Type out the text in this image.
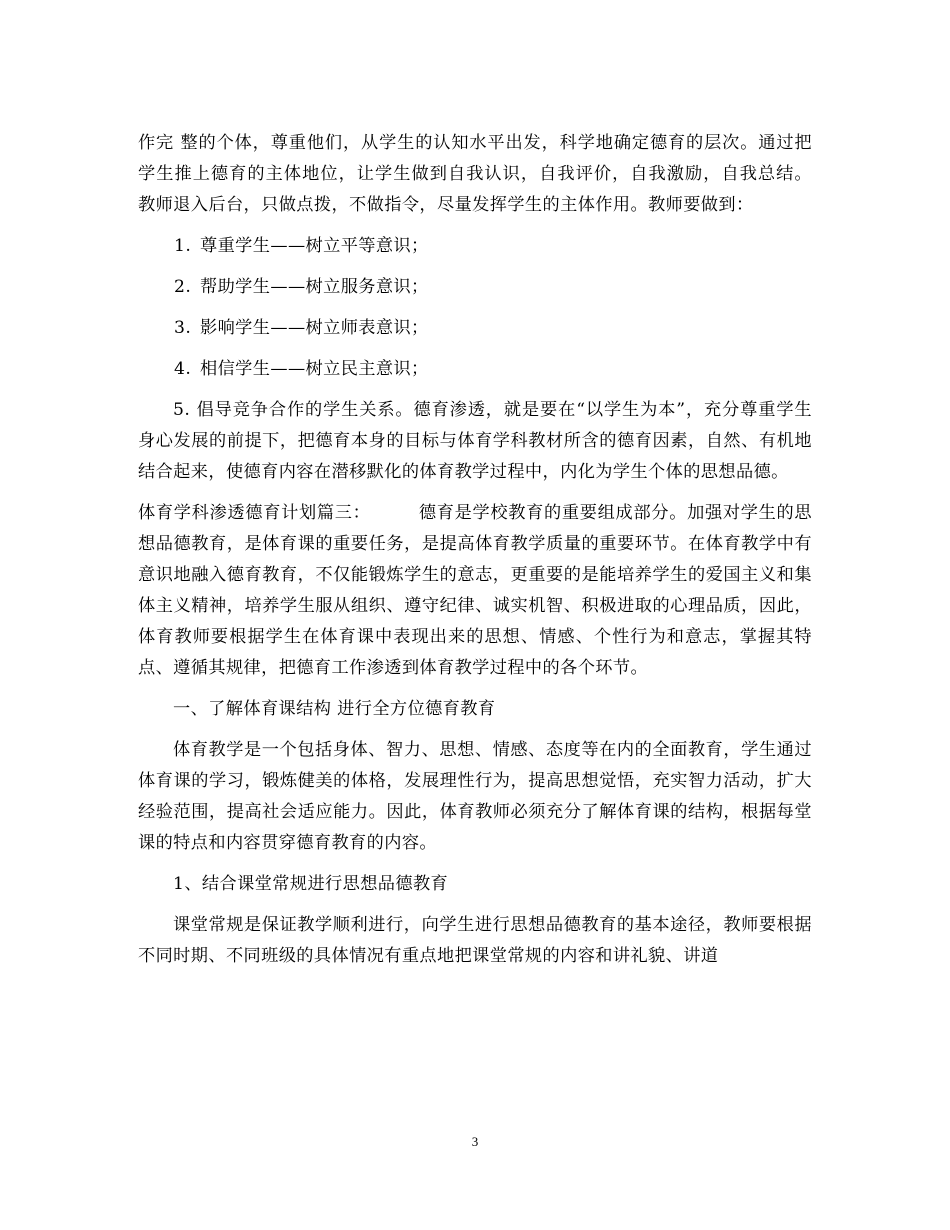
作完 整的个体，尊重他们，从学生的认知水平出发，科学地确定德育的层次。通过把学生推上德育的主体地位，让学生做到自我认识，自我评价，自我激励，自我总结。 教师退入后台，只做点拨，不做指令，尽量发挥学生的主体作用。教师要做到：

1. 尊重学生——树立平等意识；
2. 帮助学生——树立服务意识；
3. 影响学生——树立师表意识；
4. 相信学生——树立民主意识；

5. 倡导竞争合作的学生关系。德育渗透，就是要在“以学生为本”，充分尊重学生身心发展的前提下，把德育本身的目标与体育学科教材所含的德育因素，自然、有机地结合起来，使德育内容在潜移默化的体育教学过程中，内化为学生个体的思想品德。

体育学科渗透德育计划篇三：	德育是学校教育的重要组成部分。加强对学生的思想品德教育，是体育课的重要任务，是提高体育教学质量的重要环节。在体育教学中有意识地融入德育教育，不仅能锻炼学生的意志，更重要的是能培养学生的爱国主义和集体主义精神，培养学生服从组织、遵守纪律、诚实机智、积极进取的心理品质，因此，体育教师要根据学生在体育课中表现出来的思想、情感、个性行为和意志，掌握其特点、遵循其规律，把德育工作渗透到体育教学过程中的各个环节。

一、了解体育课结构 进行全方位德育教育

体育教学是一个包括身体、智力、思想、情感、态度等在内的全面教育，学生通过体育课的学习，锻炼健美的体格，发展理性行为，提高思想觉悟，充实智力活动，扩大经验范围，提高社会适应能力。因此，体育教师必须充分了解体育课的结构，根据每堂课的特点和内容贯穿德育教育的内容。

1、结合课堂常规进行思想品德教育

课堂常规是保证教学顺利进行，向学生进行思想品德教育的基本途径，教师要根据不同时期、不同班级的具体情况有重点地把课堂常规的内容和讲礼貌、讲道

3
